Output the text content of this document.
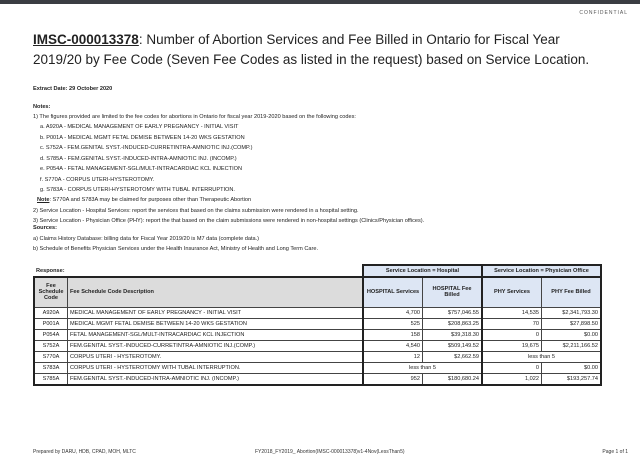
CONFIDENTIAL
IMSC-000013378: Number of Abortion Services and Fee Billed in Ontario for Fiscal Year 2019/20 by Fee Code (Seven Fee Codes as listed in the request) based on Service Location.
Extract Date: 29 October 2020
Notes:
1) The figures provided are limited to the fee codes for abortions in Ontario for fiscal year 2019-2020 based on the following codes:
a. A920A - MEDICAL MANAGEMENT OF EARLY PREGNANCY - INITIAL VISIT
b. P001A - MEDICAL MGMT FETAL DEMISE BETWEEN 14-20 WKS GESTATION
c. S752A - FEM.GENITAL SYST.-INDUCED-CURRETINTRA-AMNIOTIC INJ.(COMP.)
d. S785A - FEM.GENITAL SYST.-INDUCED-INTRA-AMNIOTIC INJ. (INCOMP.)
e. P054A - FETAL MANAGEMENT-SGL/MULT-INTRACARDIAC KCL INJECTION
f. S770A - CORPUS UTERI-HYSTEROTOMY.
g. S783A - CORPUS UTERI-HYSTEROTOMY WITH TUBAL INTERRUPTION.
Note: S770A and S783A may be claimed for purposes other than Therapeutic Abortion
2) Service Location - Hospital Services: report the services that based on the claims submission were rendered in a hospital setting.
3) Service Location - Physician Office (PHY): report the that based on the claim submissions were rendered in non-hospital settings (Clinics/Physician offices).
Sources:
a) Claims History Database: billing data for Fiscal Year 2019/20 is M7 data (complete data.)
b) Schedule of Benefits Physician Services under the Health Insurance Act, Ministry of Health and Long Term Care.
Response:		Service Location = Hospital		Service Location = Physician Office	
Fee Schedule Code	Fee Schedule Code Description	HOSPITAL Services	HOSPITAL Fee Billed	PHY Services	PHY Fee Billed
A920A	MEDICAL MANAGEMENT OF EARLY PREGNANCY - INITIAL VISIT	4,700	$757,046.55	14,535	$2,341,793.30
P001A	MEDICAL MGMT FETAL DEMISE BETWEEN 14-20 WKS GESTATION	525	$208,863.25	70	$27,898.50
P054A	FETAL MANAGEMENT-SGL/MULT-INTRACARDIAC KCL INJECTION	158	$39,318.30	0	$0.00
S752A	FEM.GENITAL SYST.-INDUCED-CURRETINTRA-AMNIOTIC INJ.(COMP.)	4,540	$509,149.52	19,675	$2,211,166.52
S770A	CORPUS UTERI - HYSTEROTOMY.	12	$2,662.59	less than 5	
S783A	CORPUS UTERI - HYSTEROTOMY WITH TUBAL INTERRUPTION.	less than 5		0	$0.00
S785A	FEM.GENITAL SYST.-INDUCED-INTRA-AMNIOTIC INJ. (INCOMP.)	952	$180,680.24	1,022	$193,257.74
Prepared by DARU, HDB, CPAD, MOH, MLTC	FY2018_FY2019_ Abortion(IMSC-000013378)v1-4Nov(LessThan5)	Page 1 of 1
